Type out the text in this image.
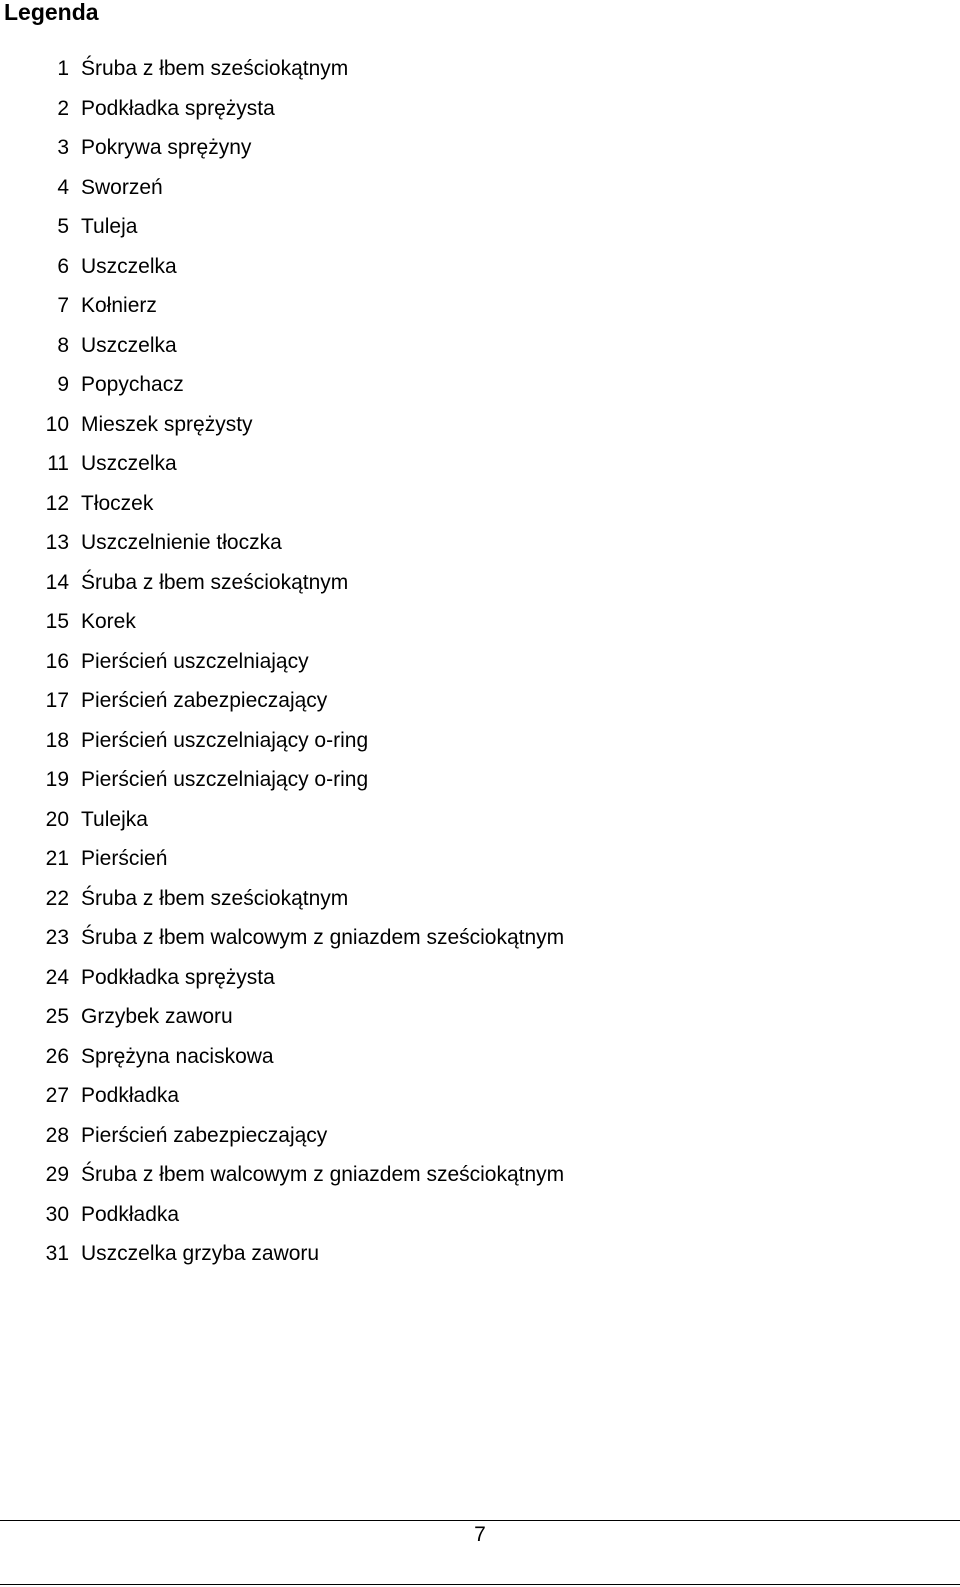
Legenda
1 Śruba z łbem sześciokątnym
2 Podkładka sprężysta
3 Pokrywa sprężyny
4 Sworzeń
5 Tuleja
6 Uszczelka
7 Kołnierz
8 Uszczelka
9 Popychacz
10 Mieszek sprężysty
11 Uszczelka
12 Tłoczek
13 Uszczelnienie tłoczka
14 Śruba z łbem sześciokątnym
15 Korek
16 Pierścień uszczelniający
17 Pierścień zabezpieczający
18 Pierścień uszczelniający o-ring
19 Pierścień uszczelniający o-ring
20 Tulejka
21 Pierścień
22 Śruba z łbem sześciokątnym
23 Śruba z łbem walcowym z gniazdem sześciokątnym
24 Podkładka sprężysta
25 Grzybek zaworu
26 Sprężyna naciskowa
27 Podkładka
28 Pierścień zabezpieczający
29 Śruba z łbem walcowym z gniazdem sześciokątnym
30 Podkładka
31 Uszczelka grzyba zaworu
7
